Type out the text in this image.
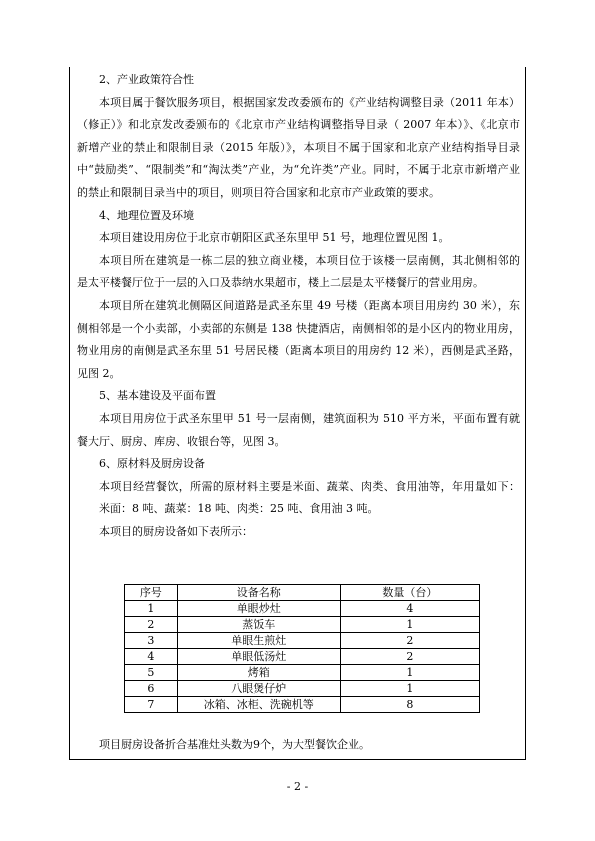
2、产业政策符合性
本项目属于餐饮服务项目，根据国家发改委颁布的《产业结构调整目录（2011 年本）
（修正）》和北京发改委颁布的《北京市产业结构调整指导目录（ 2007 年本）》、《北京市
新增产业的禁止和限制目录（2015 年版）》，本项目不属于国家和北京产业结构指导目录
中“鼓励类”、“限制类”和“淘汰类”产业，为“允许类”产业。同时，不属于北京市新增产业
的禁止和限制目录当中的项目，则项目符合国家和北京市产业政策的要求。
4、地理位置及环境
本项目建设用房位于北京市朝阳区武圣东里甲 51 号，地理位置见图 1。
本项目所在建筑是一栋二层的独立商业楼，本项目位于该楼一层南侧，其北侧相邻的
是太平楼餐厅位于一层的入口及恭纳水果超市，楼上二层是太平楼餐厅的营业用房。
本项目所在建筑北侧隔区间道路是武圣东里 49 号楼（距离本项目用房约 30 米），东
侧相邻是一个小卖部，小卖部的东侧是 138 快捷酒店，南侧相邻的是小区内的物业用房，
物业用房的南侧是武圣东里 51 号居民楼（距离本项目的用房约 12 米），西侧是武圣路，
见图 2。
5、基本建设及平面布置
本项目用房位于武圣东里甲 51 号一层南侧，建筑面积为 510 平方米，平面布置有就
餐大厅、厨房、库房、收银台等，见图 3。
6、原材料及厨房设备
本项目经营餐饮，所需的原材料主要是米面、蔬菜、肉类、食用油等，年用量如下：
米面：8 吨、蔬菜：18 吨、肉类：25 吨、食用油 3 吨。
本项目的厨房设备如下表所示：
序号	设备名称	数量（台）
1	单眼炒灶	4
2	蒸饭车	1
3	单眼生煎灶	2
4	单眼低汤灶	2
5	烤箱	1
6	八眼煲仔炉	1
7	冰箱、冰柜、洗碗机等	8
项目厨房设备折合基准灶头数为9个，为大型餐饮企业。
- 2 -
